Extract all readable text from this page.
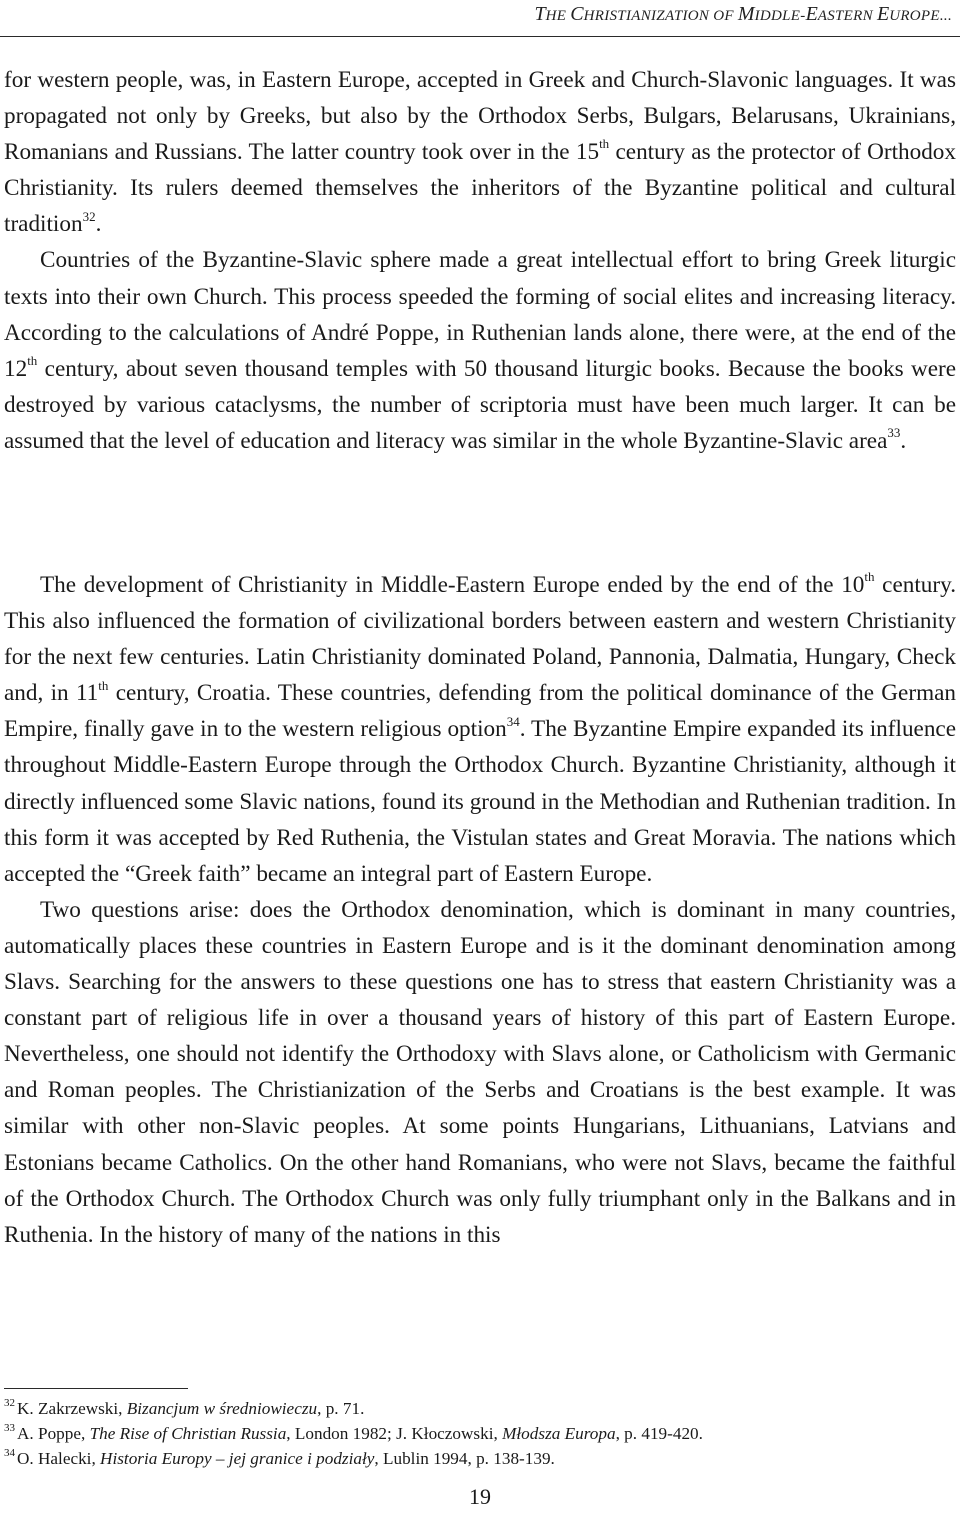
THE CHRISTIANIZATION OF MIDDLE-EASTERN EUROPE...

for western people, was, in Eastern Europe, accepted in Greek and Church-Slavonic languages. It was propagated not only by Greeks, but also by the Orthodox Serbs, Bulgars, Belarusans, Ukrainians, Romanians and Russians. The latter country took over in the 15th century as the protector of Orthodox Christianity. Its rulers deemed themselves the inheritors of the Byzantine political and cultural tradition$^{32}$.

Countries of the Byzantine-Slavic sphere made a great intellectual effort to bring Greek liturgic texts into their own Church. This process speeded the forming of social elites and increasing literacy. According to the calculations of André Poppe, in Ruthenian lands alone, there were, at the end of the 12th century, about seven thousand temples with 50 thousand liturgic books. Because the books were destroyed by various cataclysms, the number of scriptoria must have been much larger. It can be assumed that the level of education and literacy was similar in the whole Byzantine-Slavic area$^{33}$.

The development of Christianity in Middle-Eastern Europe ended by the end of the 10th century. This also influenced the formation of civilizational borders between eastern and western Christianity for the next few centuries. Latin Christianity dominated Poland, Pannonia, Dalmatia, Hungary, Check and, in 11th century, Croatia. These countries, defending from the political dominance of the German Empire, finally gave in to the western religious option$^{34}$. The Byzantine Empire expanded its influence throughout Middle-Eastern Europe through the Orthodox Church. Byzantine Christianity, although it directly influenced some Slavic nations, found its ground in the Methodian and Ruthenian tradition. In this form it was accepted by Red Ruthenia, the Vistulan states and Great Moravia. The nations which accepted the “Greek faith” became an integral part of Eastern Europe.

Two questions arise: does the Orthodox denomination, which is dominant in many countries, automatically places these countries in Eastern Europe and is it the dominant denomination among Slavs. Searching for the answers to these questions one has to stress that eastern Christianity was a constant part of religious life in over a thousand years of history of this part of Eastern Europe. Nevertheless, one should not identify the Orthodoxy with Slavs alone, or Catholicism with Germanic and Roman peoples. The Christianization of the Serbs and Croatians is the best example. It was similar with other non-Slavic peoples. At some points Hungarians, Lithuanians, Latvians and Estonians became Catholics. On the other hand Romanians, who were not Slavs, became the faithful of the Orthodox Church. The Orthodox Church was only fully triumphant only in the Balkans and in Ruthenia. In the history of many of the nations in this

$^{32}$ K. Zakrzewski, Bizancjum w średniowieczu, p. 71.
$^{33}$ A. Poppe, The Rise of Christian Russia, London 1982; J. Kłoczowski, Młodsza Europa, p. 419-420.
$^{34}$ O. Halecki, Historia Europy – jej granice i podziały, Lublin 1994, p. 138-139.
19
